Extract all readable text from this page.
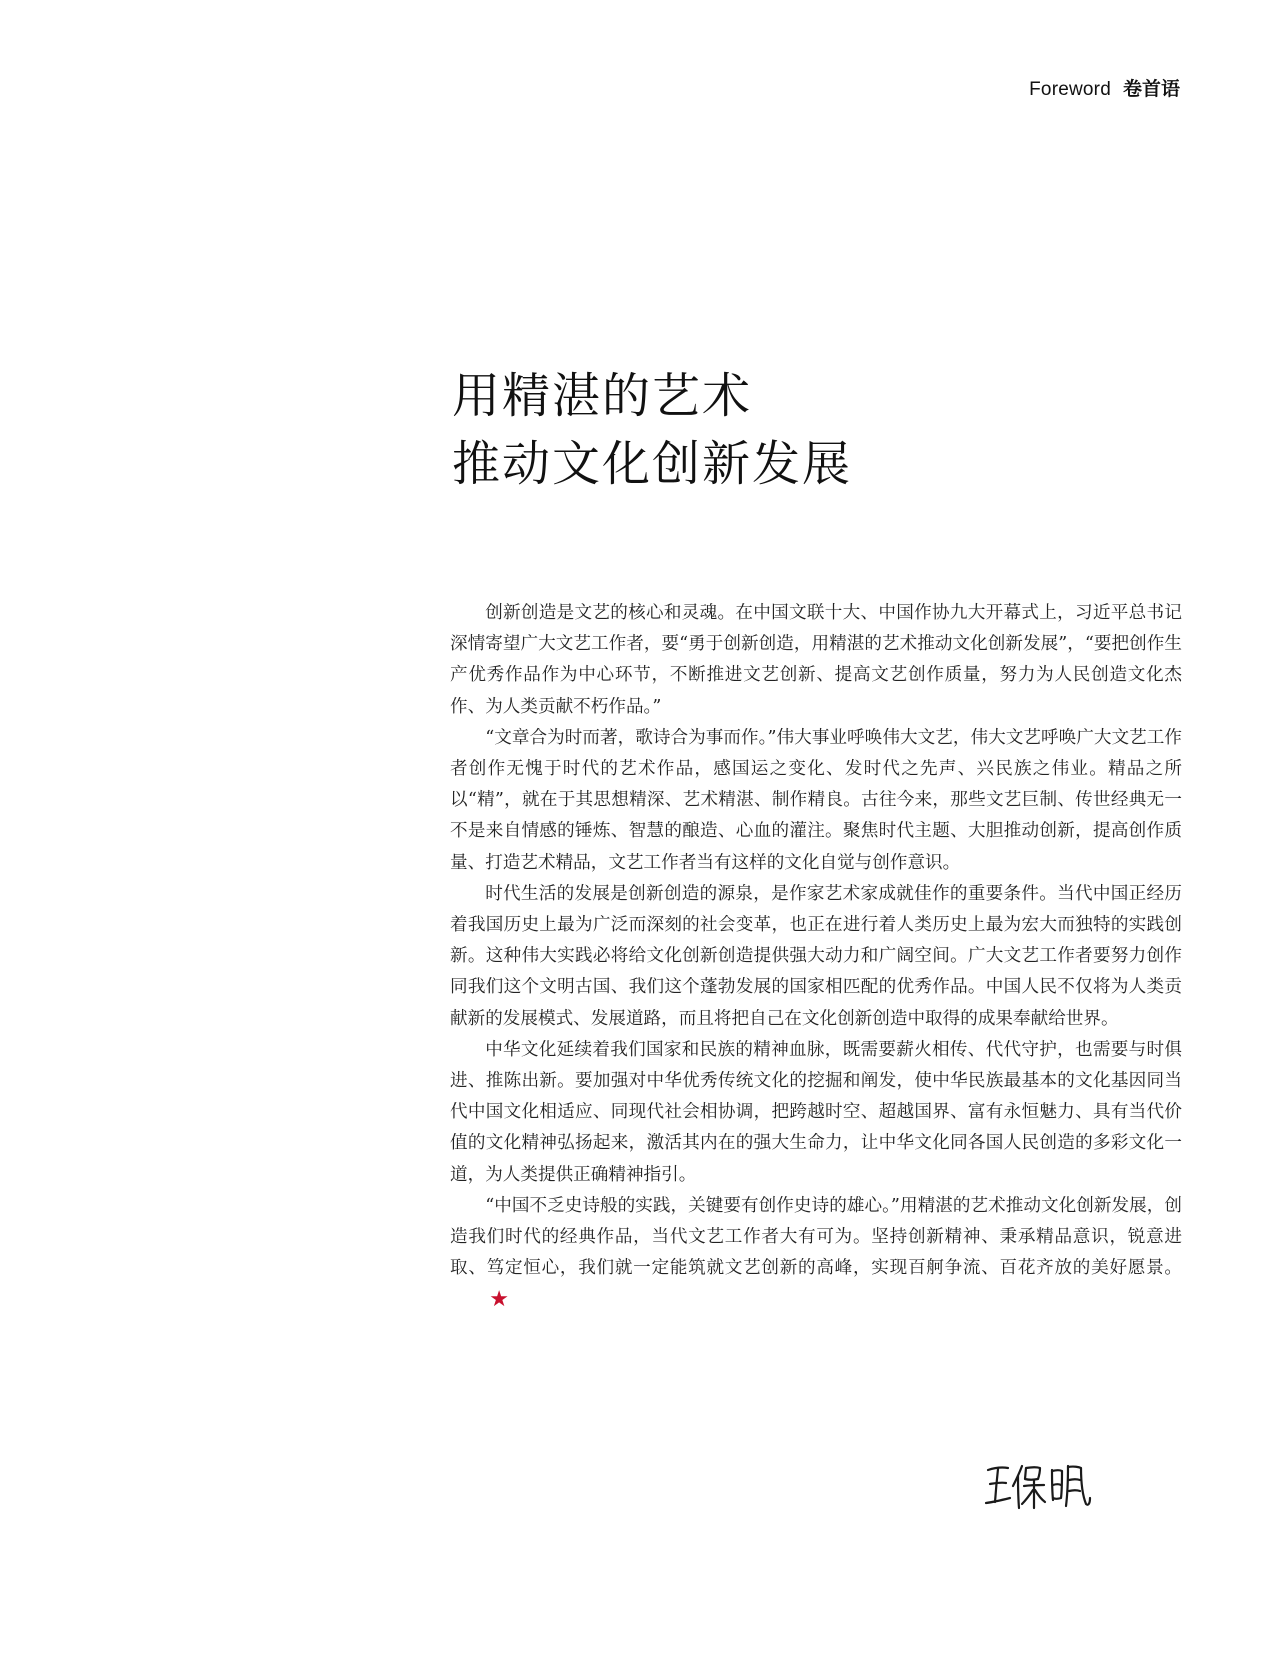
Foreword 卷首语
用精湛的艺术
推动文化创新发展

创新创造是文艺的核心和灵魂。在中国文联十大、中国作协九大开幕式上，习近平总书记深情寄望广大文艺工作者，要“勇于创新创造，用精湛的艺术推动文化创新发展”，“要把创作生产优秀作品作为中心环节，不断推进文艺创新、提高文艺创作质量，努力为人民创造文化杰作、为人类贡献不朽作品。”

“文章合为时而著，歌诗合为事而作。”伟大事业呼唤伟大文艺，伟大文艺呼唤广大文艺工作者创作无愧于时代的艺术作品，感国运之变化、发时代之先声、兴民族之伟业。精品之所以“精”，就在于其思想精深、艺术精湛、制作精良。古往今来，那些文艺巨制、传世经典无一不是来自情感的锤炼、智慧的酿造、心血的灌注。聚焦时代主题、大胆推动创新，提高创作质量、打造艺术精品，文艺工作者当有这样的文化自觉与创作意识。

时代生活的发展是创新创造的源泉，是作家艺术家成就佳作的重要条件。当代中国正经历着我国历史上最为广泛而深刻的社会变革，也正在进行着人类历史上最为宏大而独特的实践创新。这种伟大实践必将给文化创新创造提供强大动力和广阔空间。广大文艺工作者要努力创作同我们这个文明古国、我们这个蓬勃发展的国家相匹配的优秀作品。中国人民不仅将为人类贡献新的发展模式、发展道路，而且将把自己在文化创新创造中取得的成果奉献给世界。

中华文化延续着我们国家和民族的精神血脉，既需要薪火相传、代代守护，也需要与时俱进、推陈出新。要加强对中华优秀传统文化的挖掘和阐发，使中华民族最基本的文化基因同当代中国文化相适应、同现代社会相协调，把跨越时空、超越国界、富有永恒魅力、具有当代价值的文化精神弘扬起来，激活其内在的强大生命力，让中华文化同各国人民创造的多彩文化一道，为人类提供正确精神指引。

“中国不乏史诗般的实践，关键要有创作史诗的雄心。”用精湛的艺术推动文化创新发展，创造我们时代的经典作品，当代文艺工作者大有可为。坚持创新精神、秉承精品意识，锐意进取、笃定恒心，我们就一定能筑就文艺创新的高峰，实现百舸争流、百花齐放的美好愿景。★
